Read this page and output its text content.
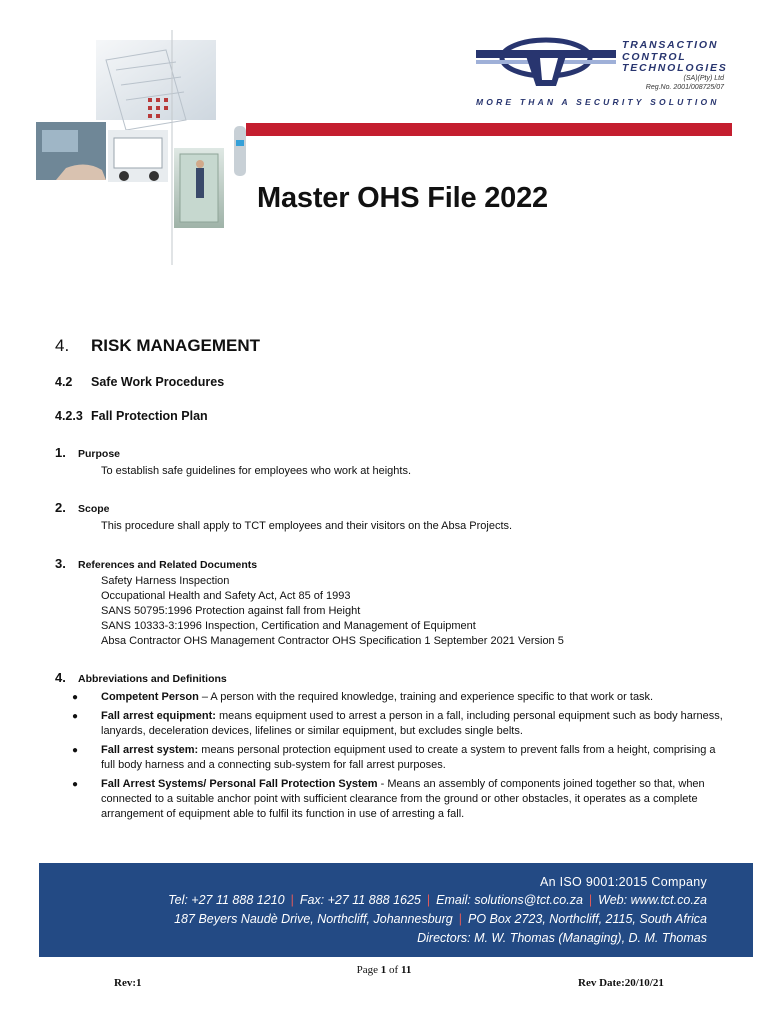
TRANSACTION
CONTROL
TECHNOLOGIES
(SA)(Pty) Ltd
Reg.No. 2001/008725/07
MORE THAN A SECURITY SOLUTION
Master OHS File 2022
4. RISK MANAGEMENT
4.2 Safe Work Procedures
4.2.3 Fall Protection Plan
1. Purpose
To establish safe guidelines for employees who work at heights.
2. Scope
This procedure shall apply to TCT employees and their visitors on the Absa Projects.
3. References and Related Documents
Safety Harness Inspection
Occupational Health and Safety Act, Act 85 of 1993
SANS 50795:1996 Protection against fall from Height
SANS 10333-3:1996 Inspection, Certification and Management of Equipment
Absa Contractor OHS Management Contractor OHS Specification 1 September 2021 Version 5
4. Abbreviations and Definitions
● Competent Person – A person with the required knowledge, training and experience specific to that work or task.
● Fall arrest equipment: means equipment used to arrest a person in a fall, including personal equipment such as body harness, lanyards, deceleration devices, lifelines or similar equipment, but excludes single belts.
● Fall arrest system: means personal protection equipment used to create a system to prevent falls from a height, comprising a full body harness and a connecting sub-system for fall arrest purposes.
● Fall Arrest Systems/ Personal Fall Protection System - Means an assembly of components joined together so that, when connected to a suitable anchor point with sufficient clearance from the ground or other obstacles, it operates as a complete arrangement of equipment able to fulfil its function in use of arresting a fall.
An ISO 9001:2015 Company
Tel: +27 11 888 1210 | Fax: +27 11 888 1625 | Email: solutions@tct.co.za | Web: www.tct.co.za
187 Beyers Naudè Drive, Northcliff, Johannesburg | PO Box 2723, Northcliff, 2115, South Africa
Directors: M. W. Thomas (Managing), D. M. Thomas
Page 1 of 11
Rev:1	Rev Date:20/10/21
